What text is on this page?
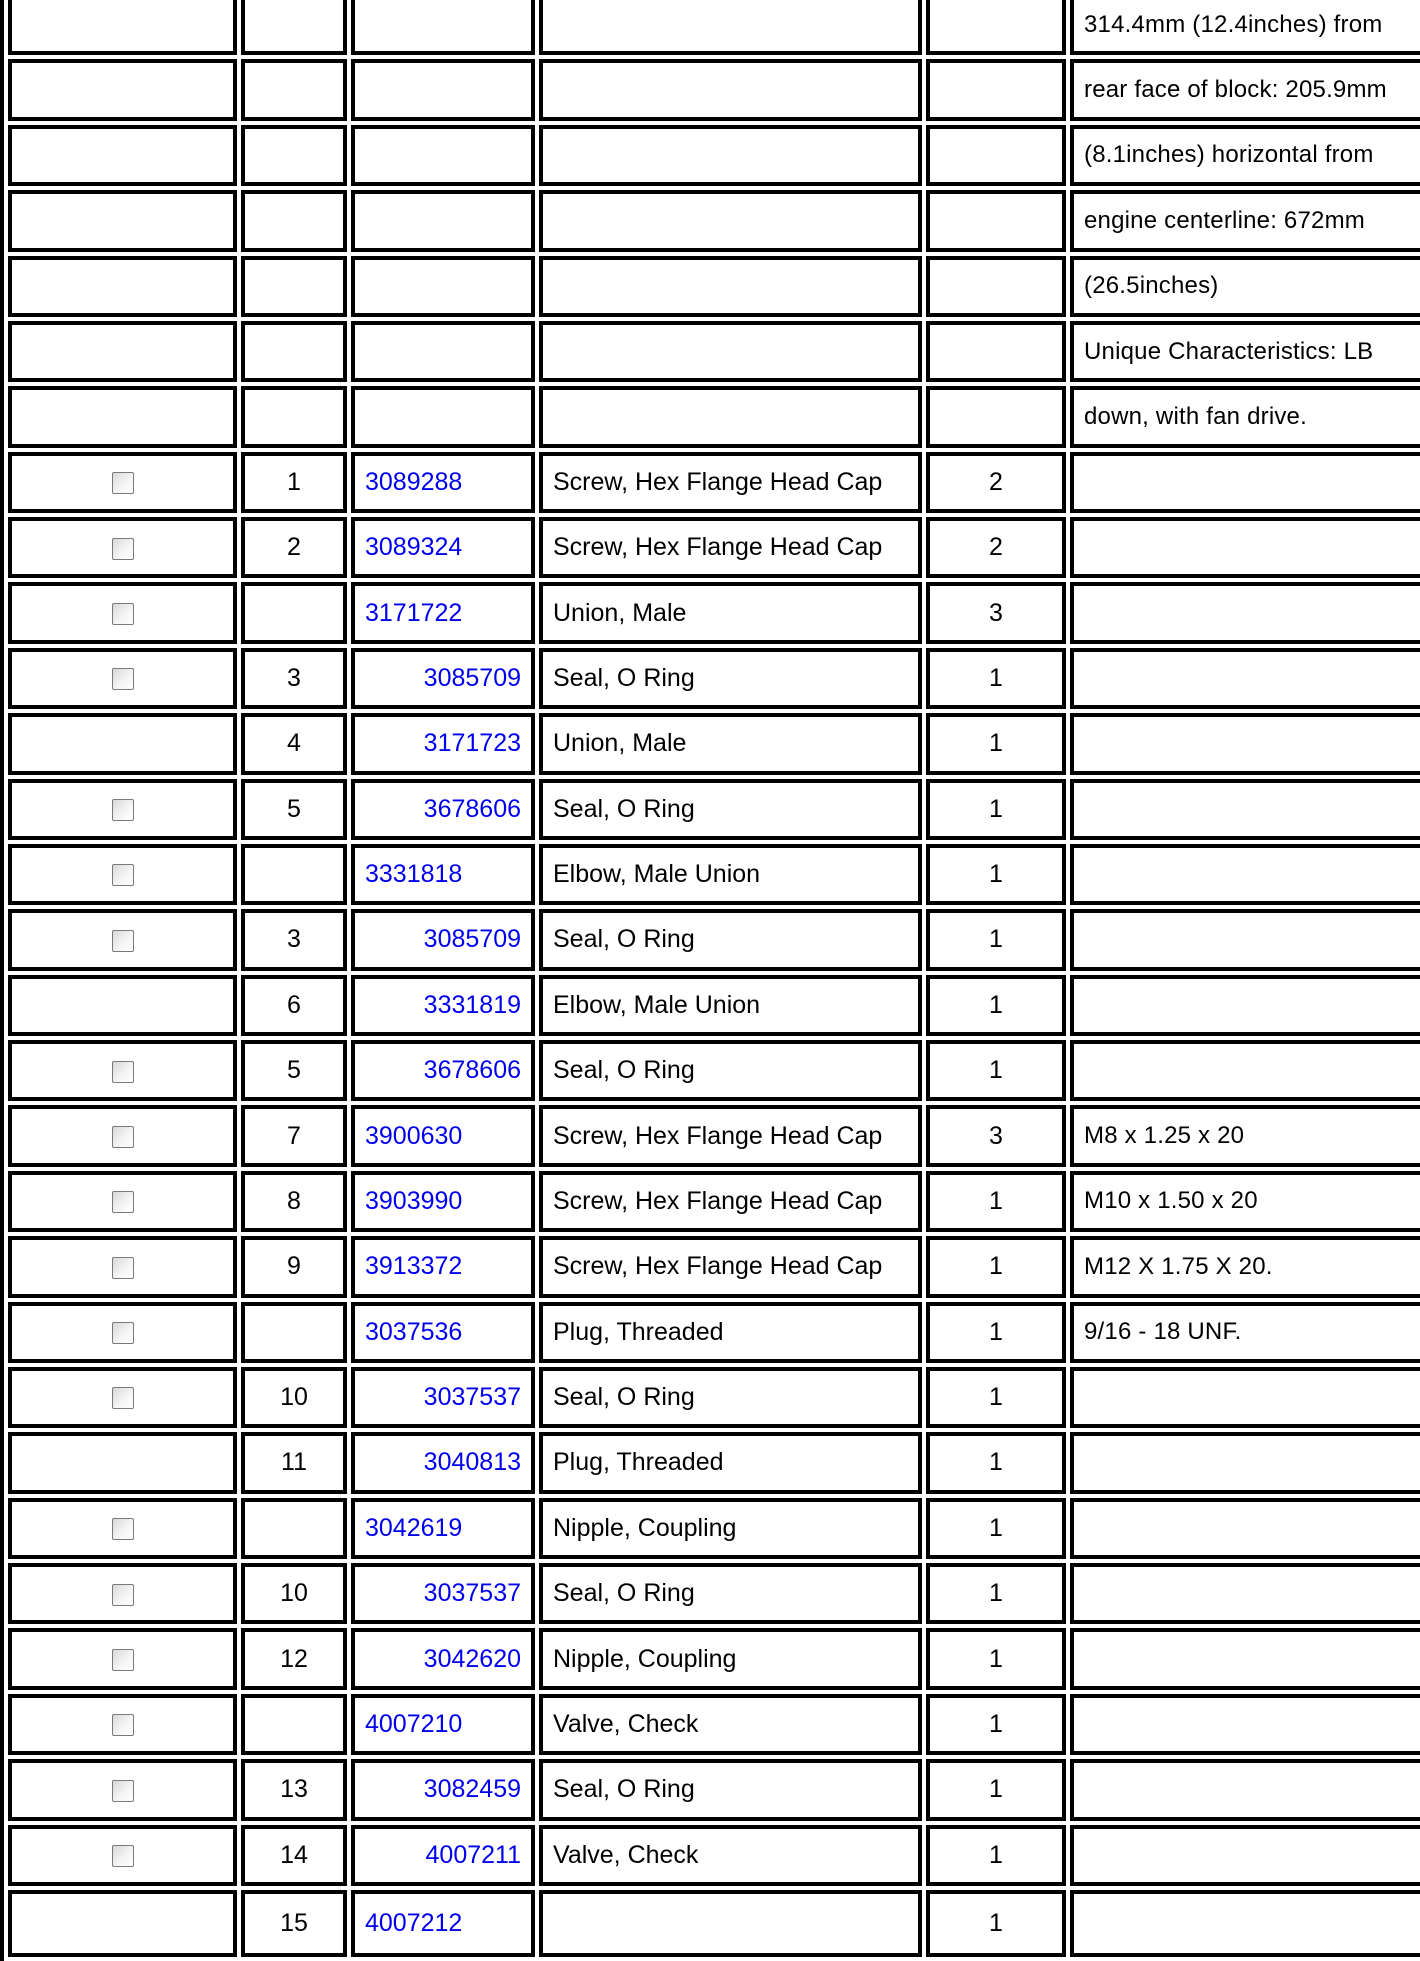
					314.4mm (12.4inches) from
					rear face of block: 205.9mm
					(8.1inches) horizontal from
					engine centerline: 672mm
					(26.5inches)
					Unique Characteristics: LB
					down, with fan drive.
	1	3089288	Screw, Hex Flange Head Cap	2	
	2	3089324	Screw, Hex Flange Head Cap	2	
		3171722	Union, Male	3	
	3	3085709	Seal, O Ring	1	
	4	3171723	Union, Male	1	
	5	3678606	Seal, O Ring	1	
		3331818	Elbow, Male Union	1	
	3	3085709	Seal, O Ring	1	
	6	3331819	Elbow, Male Union	1	
	5	3678606	Seal, O Ring	1	
	7	3900630	Screw, Hex Flange Head Cap	3	M8 x 1.25 x 20
	8	3903990	Screw, Hex Flange Head Cap	1	M10 x 1.50 x 20
	9	3913372	Screw, Hex Flange Head Cap	1	M12 X 1.75 X 20.
		3037536	Plug, Threaded	1	9/16 - 18 UNF.
	10	3037537	Seal, O Ring	1	
	11	3040813	Plug, Threaded	1	
		3042619	Nipple, Coupling	1	
	10	3037537	Seal, O Ring	1	
	12	3042620	Nipple, Coupling	1	
		4007210	Valve, Check	1	
	13	3082459	Seal, O Ring	1	
	14	4007211	Valve, Check	1	
	15	4007212		1	
